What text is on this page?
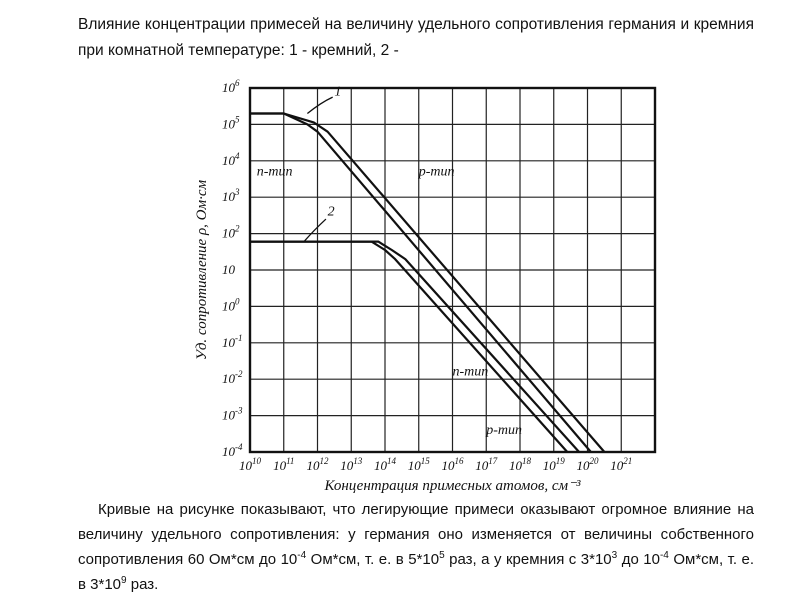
Влияние концентрации примесей на величину удельного сопротивления германия и кремния при комнатной температуре: 1 - кремний, 2 -
$10^{10}$ $10^{11}$ $10^{12}$ $10^{13}$ $10^{14}$ $10^{15}$ $10^{16}$ $10^{17}$ $10^{18}$ $10^{19}$ $10^{20}$ $10^{21}$
$10^6$
$10^5$
$10^4$
$10^3$
$10^2$
10
$10^0$
$10^{-1}$
$10^{-2}$
$10^{-3}$
$10^{-4}$
1
n-тип	p-тип
2
n-тип
p-тип
Концентрация примесных атомов, см⁻³
Уд. сопротивление ρ, Ом·см
Кривые на рисунке показывают, что легирующие примеси оказывают огромное влияние на величину удельного сопротивления: у германия оно изменяется от величины собственного сопротивления 60 Ом*см до $10^{-4}$ Ом*см, т. е. в $5*10^5$ раз, а у кремния с $3*10^3$ до $10^{-4}$ Ом*см, т. е. в $3*10^9$ раз.
